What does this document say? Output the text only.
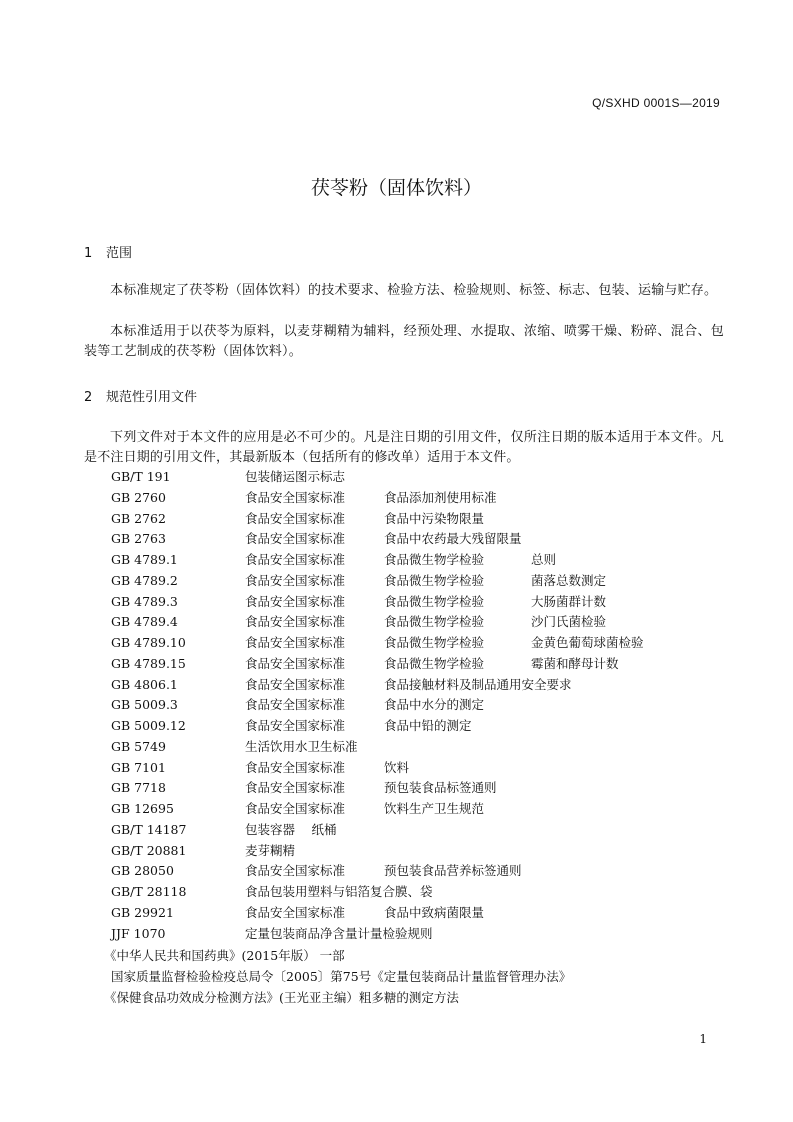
Q/SXHD 0001S—2019
茯苓粉（固体饮料）
1 范围
本标准规定了茯苓粉（固体饮料）的技术要求、检验方法、检验规则、标签、标志、包装、运输与贮存。
本标准适用于以茯苓为原料，以麦芽糊精为辅料，经预处理、水提取、浓缩、喷雾干燥、粉碎、混合、包装等工艺制成的茯苓粉（固体饮料）。
2 规范性引用文件
下列文件对于本文件的应用是必不可少的。凡是注日期的引用文件，仅所注日期的版本适用于本文件。凡是不注日期的引用文件，其最新版本（包括所有的修改单）适用于本文件。
GB/T 191	包装储运图示标志
GB 2760	食品安全国家标准	食品添加剂使用标准
GB 2762	食品安全国家标准	食品中污染物限量
GB 2763	食品安全国家标准	食品中农药最大残留限量
GB 4789.1	食品安全国家标准	食品微生物学检验	总则
GB 4789.2	食品安全国家标准	食品微生物学检验	菌落总数测定
GB 4789.3	食品安全国家标准	食品微生物学检验	大肠菌群计数
GB 4789.4	食品安全国家标准	食品微生物学检验	沙门氏菌检验
GB 4789.10	食品安全国家标准	食品微生物学检验	金黄色葡萄球菌检验
GB 4789.15	食品安全国家标准	食品微生物学检验	霉菌和酵母计数
GB 4806.1	食品安全国家标准	食品接触材料及制品通用安全要求
GB 5009.3	食品安全国家标准	食品中水分的测定
GB 5009.12	食品安全国家标准	食品中铅的测定
GB 5749	生活饮用水卫生标准
GB 7101	食品安全国家标准	饮料
GB 7718	食品安全国家标准	预包装食品标签通则
GB 12695	食品安全国家标准	饮料生产卫生规范
GB/T 14187	包装容器　 纸桶
GB/T 20881	麦芽糊精
GB 28050	食品安全国家标准	预包装食品营养标签通则
GB/T 28118	食品包装用塑料与铝箔复合膜、袋
GB 29921	食品安全国家标准	食品中致病菌限量
JJF 1070	定量包装商品净含量计量检验规则
《中华人民共和国药典》(2015年版） 一部
国家质量监督检验检疫总局令〔2005〕第75号《定量包装商品计量监督管理办法》
《保健食品功效成分检测方法》(王光亚主编）粗多糖的测定方法
1
